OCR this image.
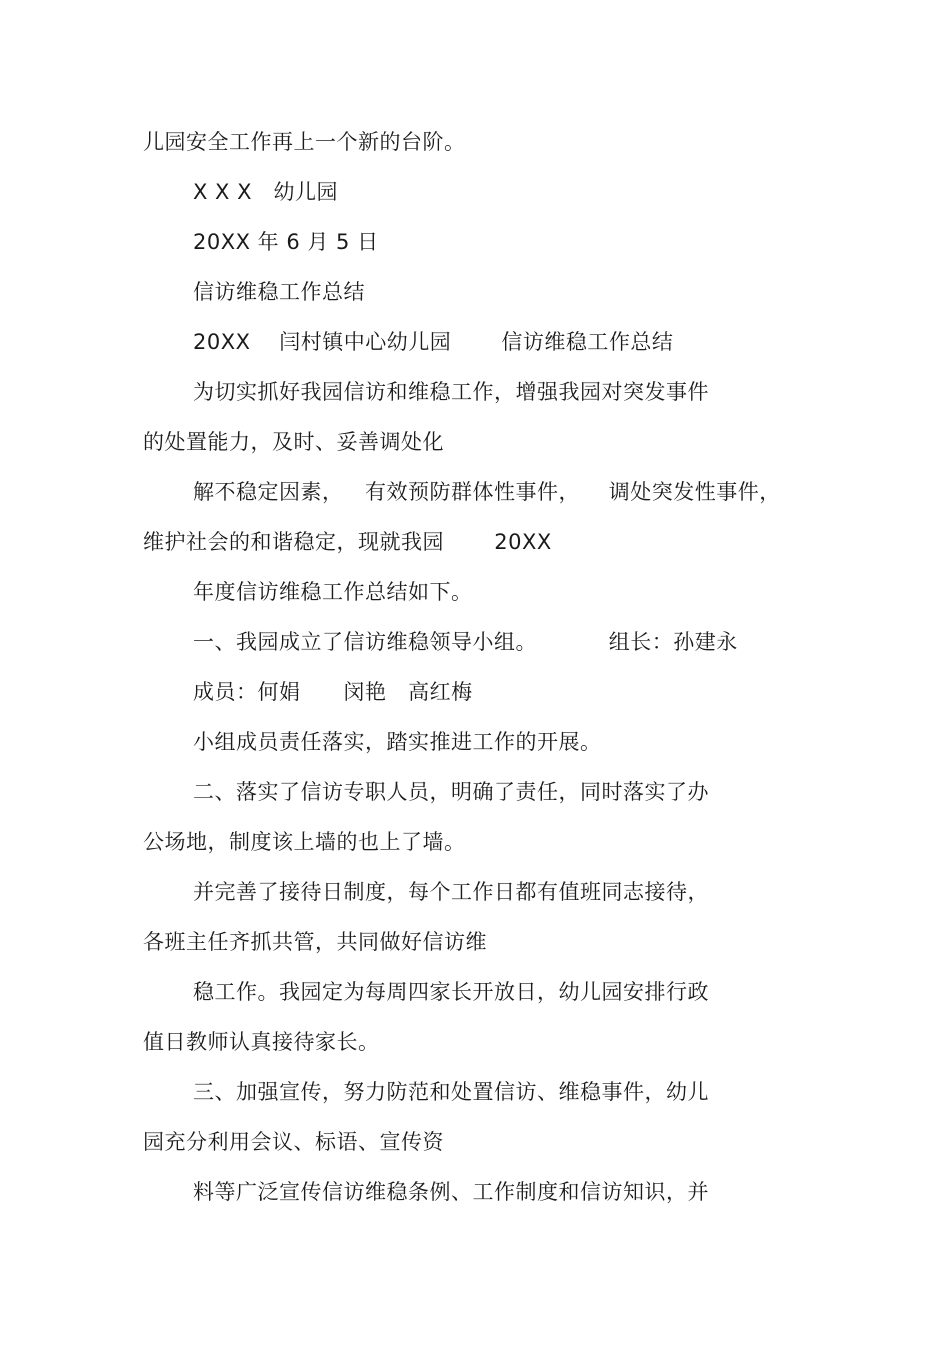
儿园安全工作再上一个新的台阶。
X X X   幼儿园
20XX 年 6 月 5 日
信访维稳工作总结
20XX    闫村镇中心幼儿园       信访维稳工作总结
为切实抓好我园信访和维稳工作，增强我园对突发事件
的处置能力，及时、妥善调处化
解不稳定因素，   有效预防群体性事件，    调处突发性事件，
维护社会的和谐稳定，现就我园       20XX
年度信访维稳工作总结如下。
一、我园成立了信访维稳领导小组。          组长：孙建永
成员：何娟      闵艳   高红梅
小组成员责任落实，踏实推进工作的开展。
二、落实了信访专职人员，明确了责任，同时落实了办
公场地，制度该上墙的也上了墙。
并完善了接待日制度，每个工作日都有值班同志接待，
各班主任齐抓共管，共同做好信访维
稳工作。我园定为每周四家长开放日，幼儿园安排行政
值日教师认真接待家长。
三、加强宣传，努力防范和处置信访、维稳事件，幼儿
园充分利用会议、标语、宣传资
料等广泛宣传信访维稳条例、工作制度和信访知识，并
